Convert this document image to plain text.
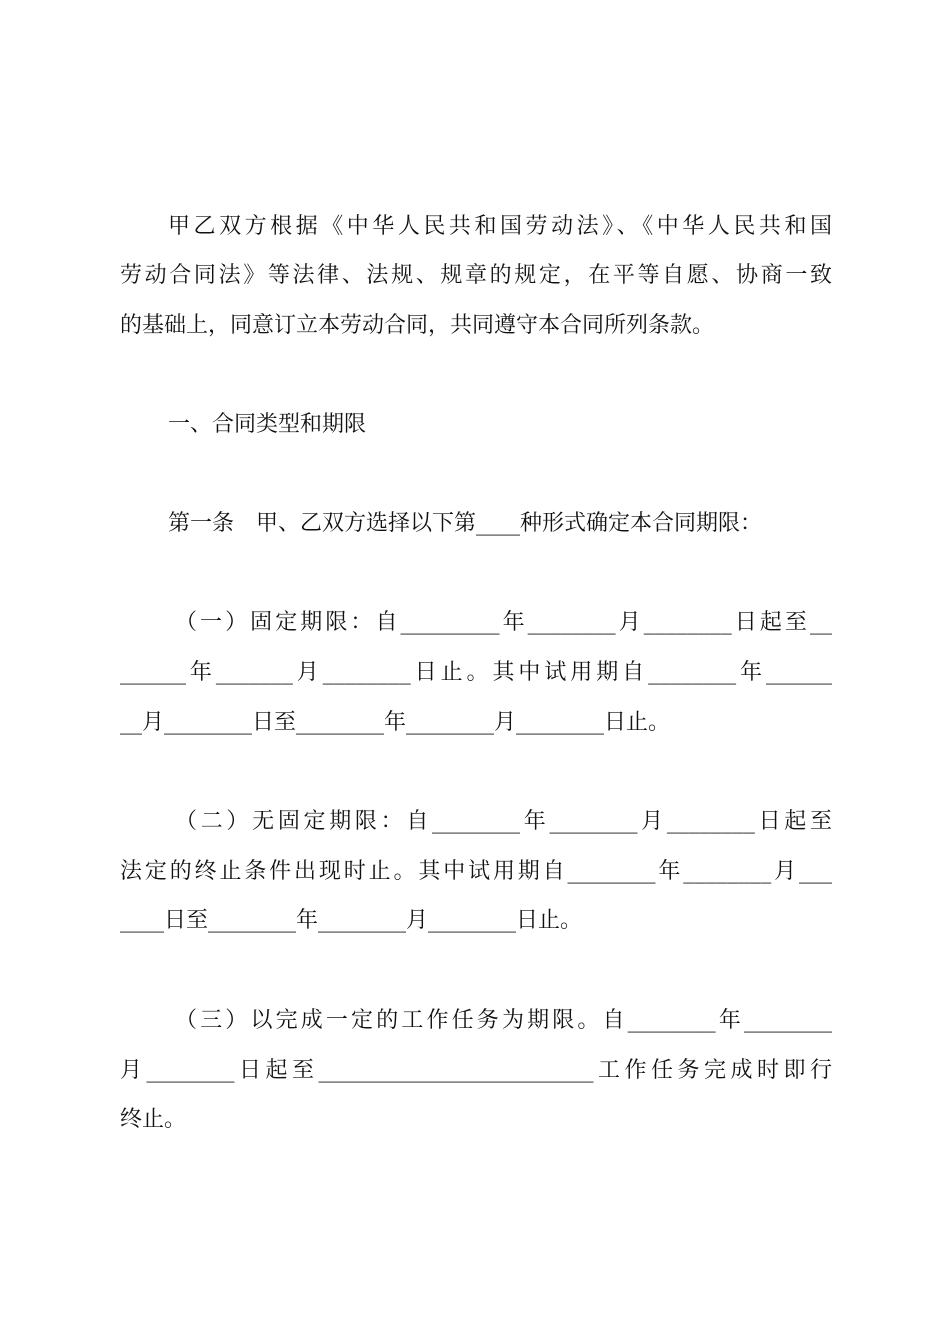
甲乙双方根据《中华人民共和国劳动法》、《中华人民共和国
劳动合同法》等法律、法规、规章的规定，在平等自愿、协商一致
的基础上，同意订立本劳动合同，共同遵守本合同所列条款。
一、合同类型和期限
第一条　甲、乙双方选择以下第____种形式确定本合同期限：
（一）固定期限：自_________年________月________日起至__
______年_______月________日止。其中试用期自________年______
__月________日至________年________月________日止。
（二）无固定期限：自________年________月________日起至
法定的终止条件出现时止。其中试用期自________年________月___
____日至________年________月________日止。
（三）以完成一定的工作任务为期限。自________年________
月________日起至_________________________工作任务完成时即行
终止。
